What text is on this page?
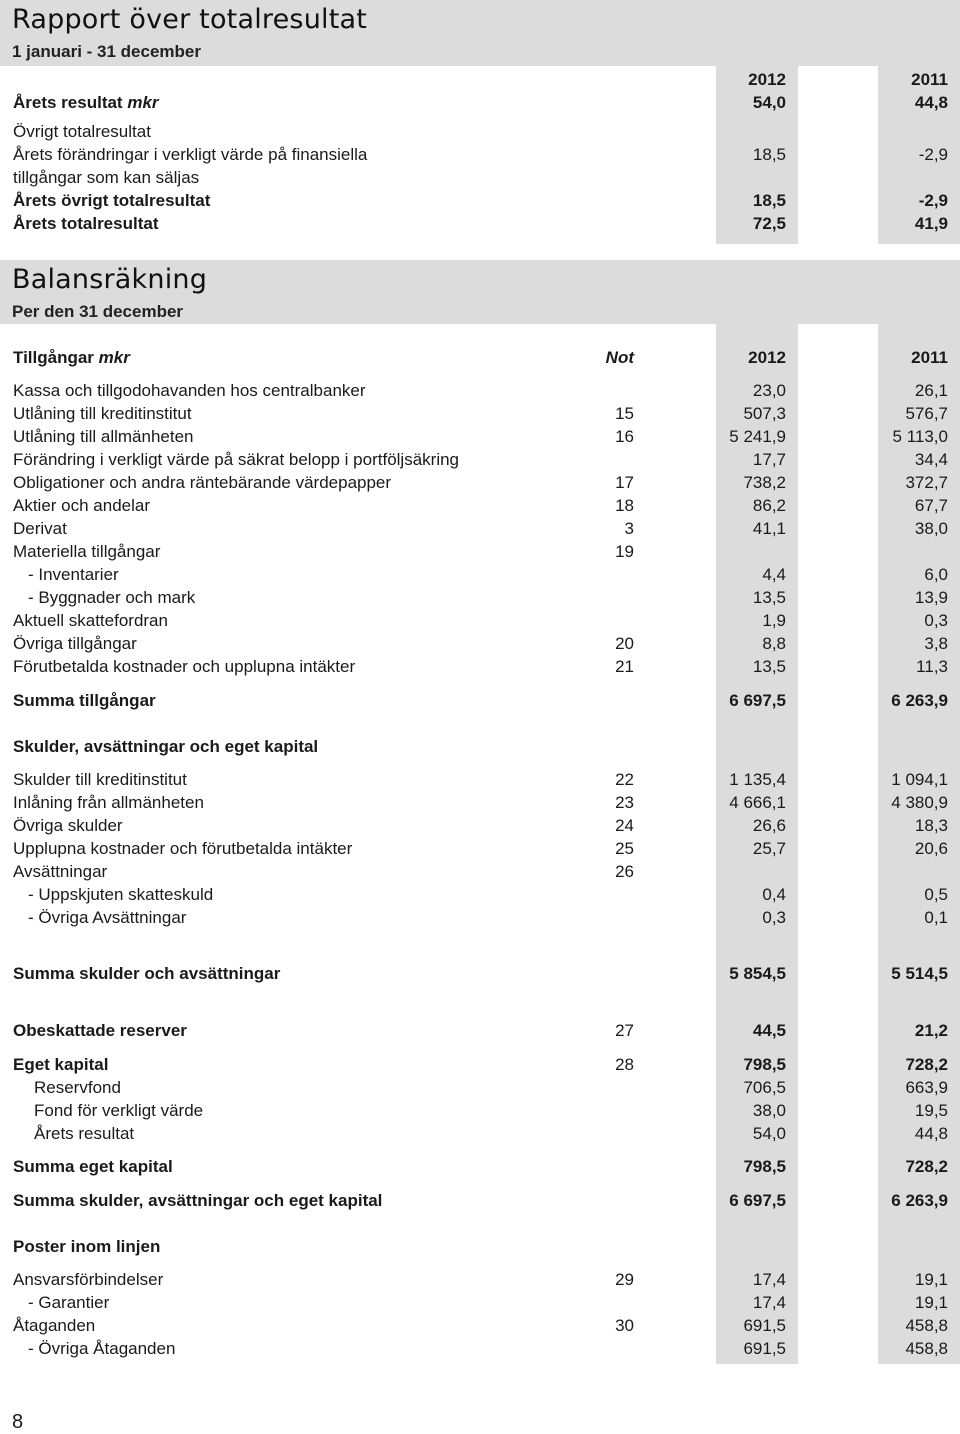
Rapport över totalresultat
1 januari - 31 december
2012	2011
Årets resultat mkr	54,0	44,8
Övrigt totalresultat
Årets förändringar i verkligt värde på finansiella	18,5	-2,9
tillgångar som kan säljas
Årets övrigt totalresultat	18,5	-2,9
Årets totalresultat	72,5	41,9
Balansräkning
Per den 31 december
Tillgångar mkr	Not	2012	2011
Kassa och tillgodohavanden hos centralbanker	23,0	26,1
Utlåning till kreditinstitut	15	507,3	576,7
Utlåning till allmänheten	16	5 241,9	5 113,0
Förändring i verkligt värde på säkrat belopp i portföljsäkring	17,7	34,4
Obligationer och andra räntebärande värdepapper	17	738,2	372,7
Aktier och andelar	18	86,2	67,7
Derivat	3	41,1	38,0
Materiella tillgångar	19
- Inventarier	4,4	6,0
- Byggnader och mark	13,5	13,9
Aktuell skattefordran	1,9	0,3
Övriga tillgångar	20	8,8	3,8
Förutbetalda kostnader och upplupna intäkter	21	13,5	11,3
Summa tillgångar	6 697,5	6 263,9
Skulder, avsättningar och eget kapital
Skulder till kreditinstitut	22	1 135,4	1 094,1
Inlåning från allmänheten	23	4 666,1	4 380,9
Övriga skulder	24	26,6	18,3
Upplupna kostnader och förutbetalda intäkter	25	25,7	20,6
Avsättningar	26
- Uppskjuten skatteskuld	0,4	0,5
- Övriga Avsättningar	0,3	0,1
Summa skulder och avsättningar	5 854,5	5 514,5
Obeskattade reserver	27	44,5	21,2
Eget kapital	28	798,5	728,2
Reservfond	706,5	663,9
Fond för verkligt värde	38,0	19,5
Årets resultat	54,0	44,8
Summa eget kapital	798,5	728,2
Summa skulder, avsättningar och eget kapital	6 697,5	6 263,9
Poster inom linjen
Ansvarsförbindelser	29	17,4	19,1
- Garantier	17,4	19,1
Åtaganden	30	691,5	458,8
- Övriga Åtaganden	691,5	458,8
8
